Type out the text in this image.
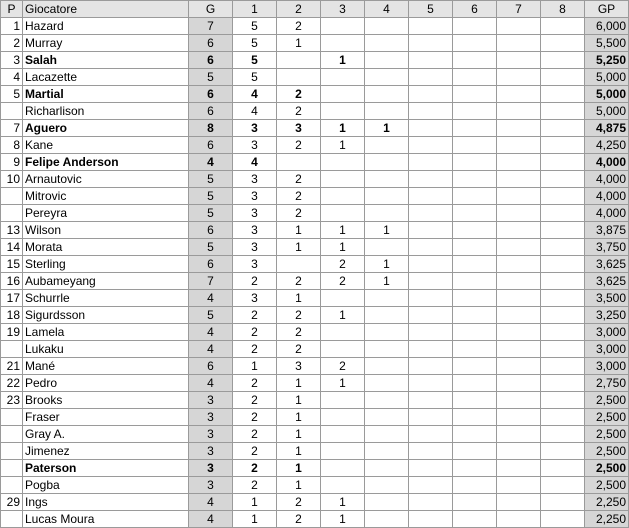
P	Giocatore	G	1	2	3	4	5	6	7	8	GP
1	Hazard	7	5	2							6,000
2	Murray	6	5	1							5,500
3	Salah	6	5		1						5,250
4	Lacazette	5	5								5,000
5	Martial	6	4	2							5,000
	Richarlison	6	4	2							5,000
7	Aguero	8	3	3	1	1					4,875
8	Kane	6	3	2	1						4,250
9	Felipe Anderson	4	4								4,000
10	Arnautovic	5	3	2							4,000
	Mitrovic	5	3	2							4,000
	Pereyra	5	3	2							4,000
13	Wilson	6	3	1	1	1					3,875
14	Morata	5	3	1	1						3,750
15	Sterling	6	3		2	1					3,625
16	Aubameyang	7	2	2	2	1					3,625
17	Schurrle	4	3	1							3,500
18	Sigurdsson	5	2	2	1						3,250
19	Lamela	4	2	2							3,000
	Lukaku	4	2	2							3,000
21	Mané	6	1	3	2						3,000
22	Pedro	4	2	1	1						2,750
23	Brooks	3	2	1							2,500
	Fraser	3	2	1							2,500
	Gray A.	3	2	1							2,500
	Jimenez	3	2	1							2,500
	Paterson	3	2	1							2,500
	Pogba	3	2	1							2,500
29	Ings	4	1	2	1						2,250
	Lucas Moura	4	1	2	1						2,250
